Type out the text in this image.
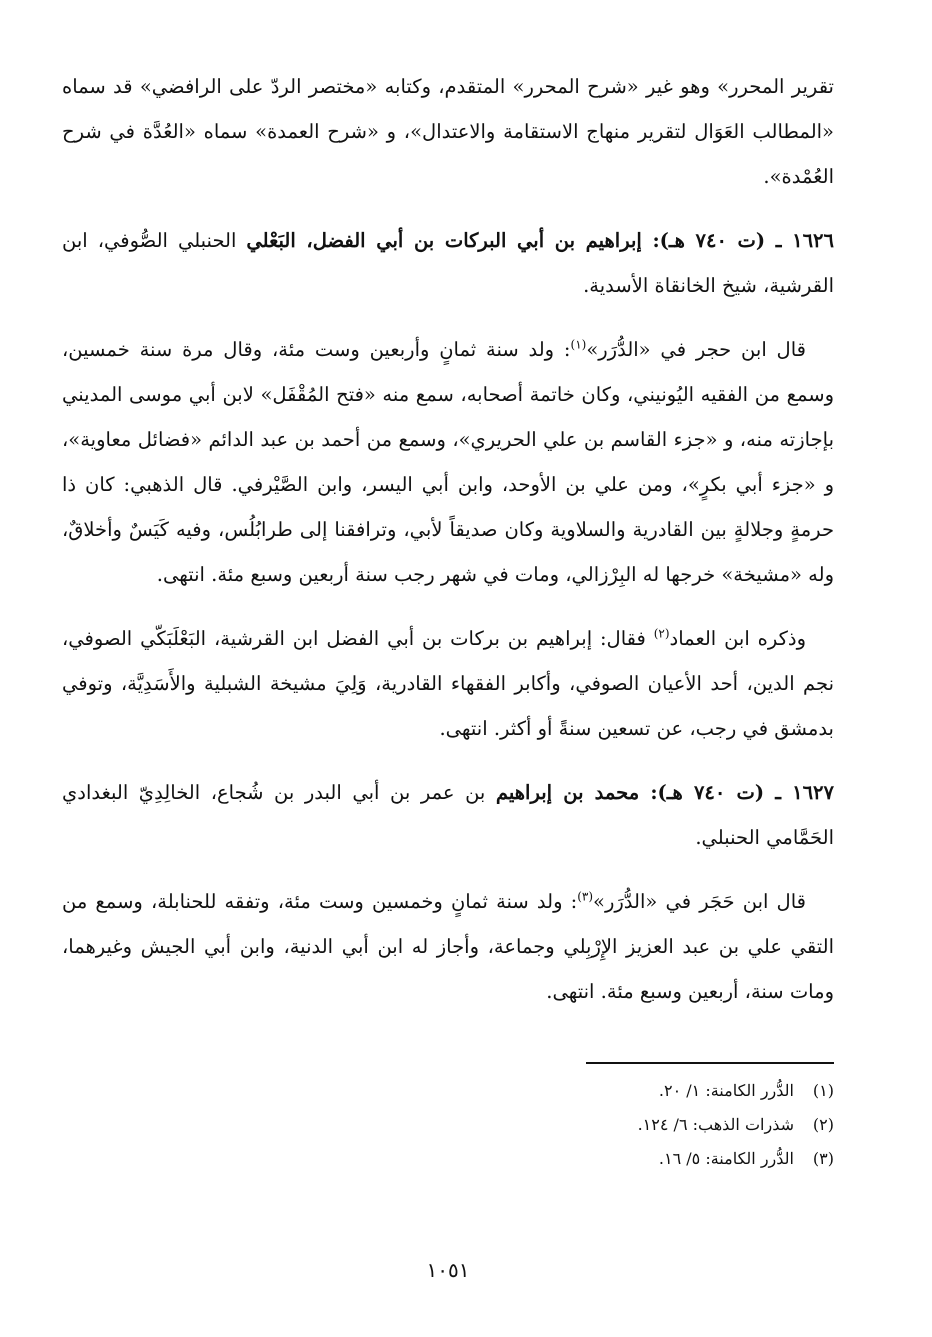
تقرير المحرر» وهو غير «شرح المحرر» المتقدم، وكتابه «مختصر الردّ على الرافضي» قد سماه «المطالب العَوَال لتقرير منهاج الاستقامة والاعتدال»، و «شرح العمدة» سماه «العُدَّة في شرح العُمْدة».

١٦٢٦ ـ (ت ٧٤٠ هـ): إبراهيم بن أبي البركات بن أبي الفضل، البَعْلي الحنبلي الصُّوفي، ابن القرشية، شيخ الخانقاة الأسدية.

قال ابن حجر في «الدُّرَر»$^{(١)}$: ولد سنة ثمانٍ وأربعين وست مئة، وقال مرة سنة خمسين، وسمع من الفقيه اليُونيني، وكان خاتمة أصحابه، سمع منه «فتح المُقْفَل» لابن أبي موسى المديني بإجازته منه، و «جزء القاسم بن علي الحريري»، وسمع من أحمد بن عبد الدائم «فضائل معاوية»، و «جزء أبي بكرٍ»، ومن علي بن الأوحد، وابن أبي اليسر، وابن الصَّيْرفي. قال الذهبي: كان ذا حرمةٍ وجلالةٍ بين القادرية والسلاوية وكان صديقاً لأبي، وترافقنا إلى طرابُلُس، وفيه كَيَسٌ وأخلاقٌ، وله «مشيخة» خرجها له البِرْزالي، ومات في شهر رجب سنة أربعين وسبع مئة. انتهى.

وذكره ابن العماد$^{(٢)}$ فقال: إبراهيم بن بركات بن أبي الفضل ابن القرشية، البَعْلَبَكّي الصوفي، نجم الدين، أحد الأعيان الصوفي، وأكابر الفقهاء القادرية، وَلِيَ مشيخة الشبلية والأَسَدِيَّة، وتوفي بدمشق في رجب، عن تسعين سنةً أو أكثر. انتهى.

١٦٢٧ ـ (ت ٧٤٠ هـ): محمد بن إبراهيم بن عمر بن أبي البدر بن شُجاع، الخالِدِيّ البغدادي الحَمَّامي الحنبلي.

قال ابن حَجَر في «الدُّرَر»$^{(٣)}$: ولد سنة ثمانٍ وخمسين وست مئة، وتفقه للحنابلة، وسمع من التقي علي بن عبد العزيز الإِرْبِلي وجماعة، وأجاز له ابن أبي الدنية، وابن أبي الجيش وغيرهما، ومات سنة، أربعين وسبع مئة. انتهى.

(١)الدُّرر الكامنة: ١/ ٢٠.

(٢)شذرات الذهب: ٦/ ١٢٤.

(٣)الدُّرر الكامنة: ٥/ ١٦.

١٠٥١
